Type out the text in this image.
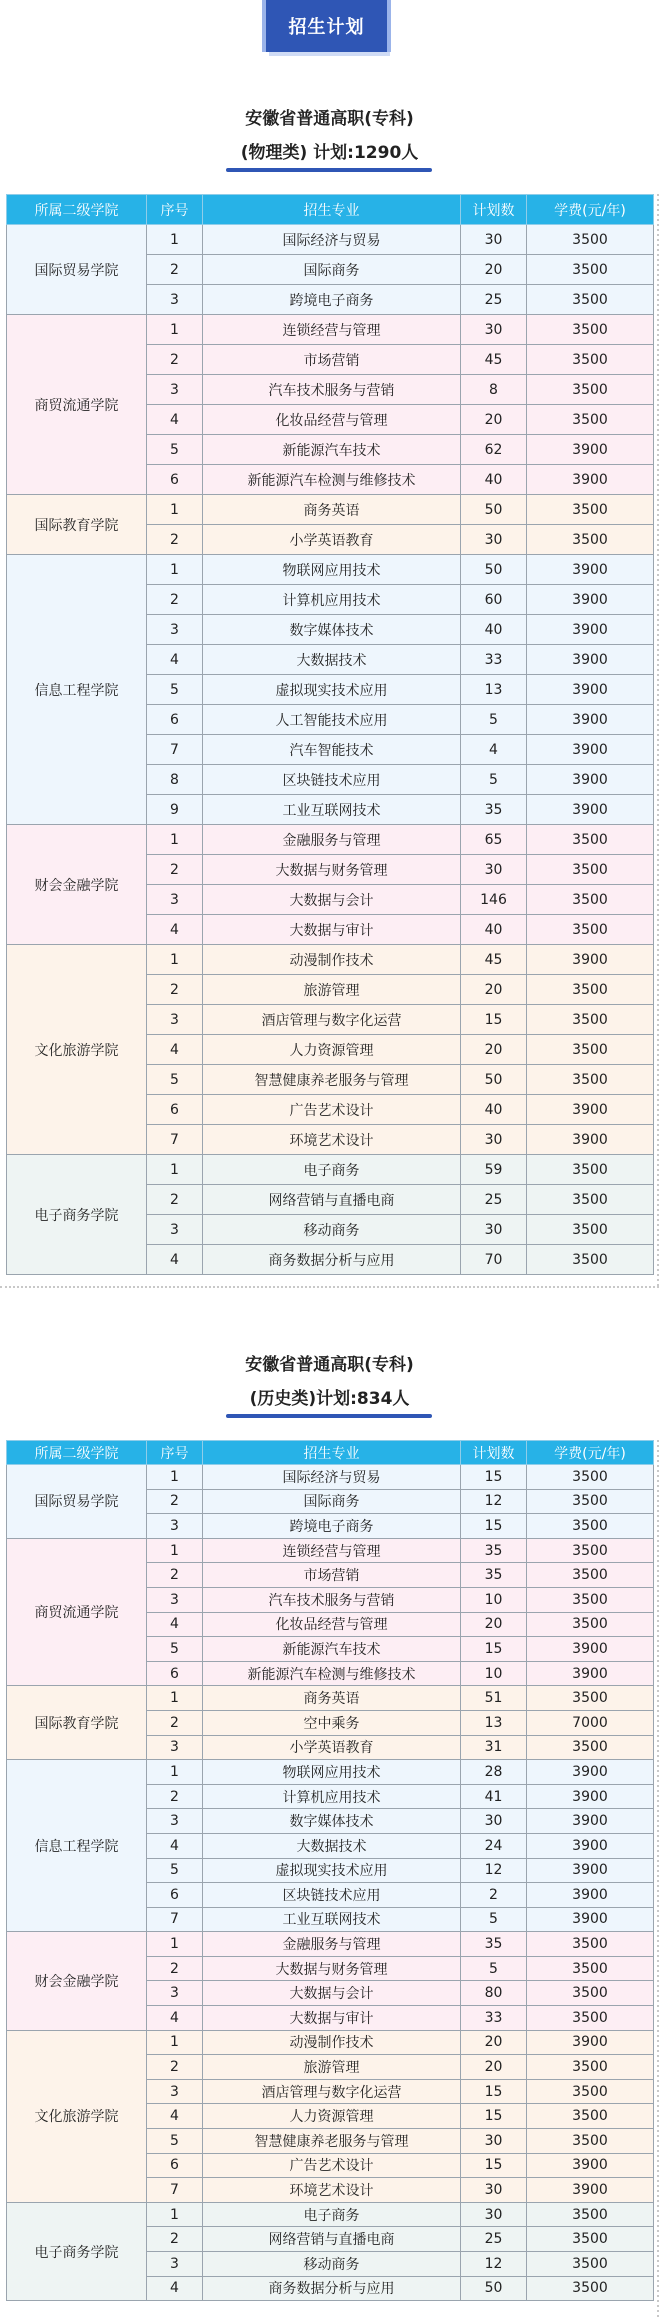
招生计划
安徽省普通高职(专科)
(物理类) 计划:1290人
所属二级学院	序号	招生专业	计划数	学费(元/年)
国际贸易学院	1	国际经济与贸易	30	3500
	2	国际商务	20	3500
	3	跨境电子商务	25	3500
商贸流通学院	1	连锁经营与管理	30	3500
	2	市场营销	45	3500
	3	汽车技术服务与营销	8	3500
	4	化妆品经营与管理	20	3500
	5	新能源汽车技术	62	3900
	6	新能源汽车检测与维修技术	40	3900
国际教育学院	1	商务英语	50	3500
	2	小学英语教育	30	3500
信息工程学院	1	物联网应用技术	50	3900
	2	计算机应用技术	60	3900
	3	数字媒体技术	40	3900
	4	大数据技术	33	3900
	5	虚拟现实技术应用	13	3900
	6	人工智能技术应用	5	3900
	7	汽车智能技术	4	3900
	8	区块链技术应用	5	3900
	9	工业互联网技术	35	3900
财会金融学院	1	金融服务与管理	65	3500
	2	大数据与财务管理	30	3500
	3	大数据与会计	146	3500
	4	大数据与审计	40	3500
文化旅游学院	1	动漫制作技术	45	3900
	2	旅游管理	20	3500
	3	酒店管理与数字化运营	15	3500
	4	人力资源管理	20	3500
	5	智慧健康养老服务与管理	50	3500
	6	广告艺术设计	40	3900
	7	环境艺术设计	30	3900
电子商务学院	1	电子商务	59	3500
	2	网络营销与直播电商	25	3500
	3	移动商务	30	3500
	4	商务数据分析与应用	70	3500
安徽省普通高职(专科)
(历史类)计划:834人
所属二级学院	序号	招生专业	计划数	学费(元/年)
国际贸易学院	1	国际经济与贸易	15	3500
	2	国际商务	12	3500
	3	跨境电子商务	15	3500
商贸流通学院	1	连锁经营与管理	35	3500
	2	市场营销	35	3500
	3	汽车技术服务与营销	10	3500
	4	化妆品经营与管理	20	3500
	5	新能源汽车技术	15	3900
	6	新能源汽车检测与维修技术	10	3900
国际教育学院	1	商务英语	51	3500
	2	空中乘务	13	7000
	3	小学英语教育	31	3500
信息工程学院	1	物联网应用技术	28	3900
	2	计算机应用技术	41	3900
	3	数字媒体技术	30	3900
	4	大数据技术	24	3900
	5	虚拟现实技术应用	12	3900
	6	区块链技术应用	2	3900
	7	工业互联网技术	5	3900
财会金融学院	1	金融服务与管理	35	3500
	2	大数据与财务管理	5	3500
	3	大数据与会计	80	3500
	4	大数据与审计	33	3500
文化旅游学院	1	动漫制作技术	20	3900
	2	旅游管理	20	3500
	3	酒店管理与数字化运营	15	3500
	4	人力资源管理	15	3500
	5	智慧健康养老服务与管理	30	3500
	6	广告艺术设计	15	3900
	7	环境艺术设计	30	3900
电子商务学院	1	电子商务	30	3500
	2	网络营销与直播电商	25	3500
	3	移动商务	12	3500
	4	商务数据分析与应用	50	3500
